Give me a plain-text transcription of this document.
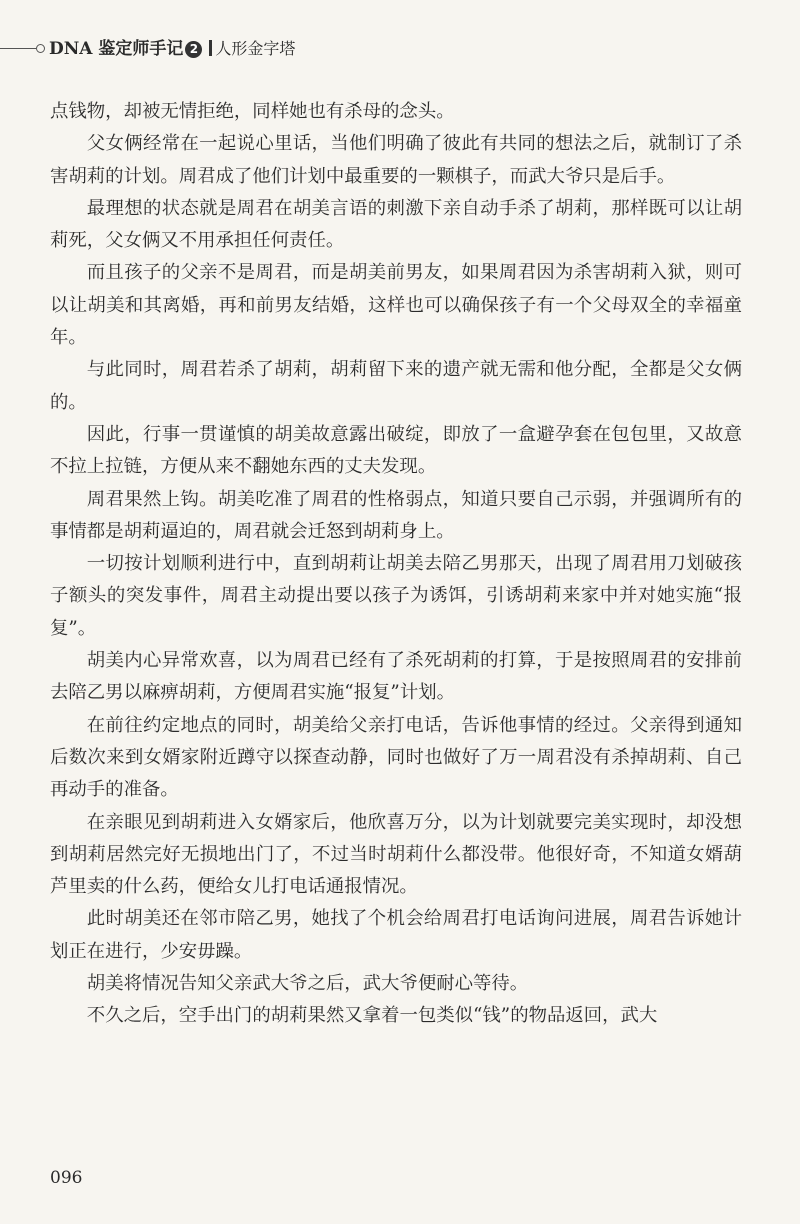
DNA 鉴定师手记 2 人形金字塔

点钱物，却被无情拒绝，同样她也有杀母的念头。

父女俩经常在一起说心里话，当他们明确了彼此有共同的想法之后，就制订了杀害胡莉的计划。周君成了他们计划中最重要的一颗棋子，而武大爷只是后手。

最理想的状态就是周君在胡美言语的刺激下亲自动手杀了胡莉，那样既可以让胡莉死，父女俩又不用承担任何责任。

而且孩子的父亲不是周君，而是胡美前男友，如果周君因为杀害胡莉入狱，则可以让胡美和其离婚，再和前男友结婚，这样也可以确保孩子有一个父母双全的幸福童年。

与此同时，周君若杀了胡莉，胡莉留下来的遗产就无需和他分配，全都是父女俩的。

因此，行事一贯谨慎的胡美故意露出破绽，即放了一盒避孕套在包包里，又故意不拉上拉链，方便从来不翻她东西的丈夫发现。

周君果然上钩。胡美吃准了周君的性格弱点，知道只要自己示弱，并强调所有的事情都是胡莉逼迫的，周君就会迁怒到胡莉身上。

一切按计划顺利进行中，直到胡莉让胡美去陪乙男那天，出现了周君用刀划破孩子额头的突发事件，周君主动提出要以孩子为诱饵，引诱胡莉来家中并对她实施“报复”。

胡美内心异常欢喜，以为周君已经有了杀死胡莉的打算，于是按照周君的安排前去陪乙男以麻痹胡莉，方便周君实施“报复”计划。

在前往约定地点的同时，胡美给父亲打电话，告诉他事情的经过。父亲得到通知后数次来到女婿家附近蹲守以探查动静，同时也做好了万一周君没有杀掉胡莉、自己再动手的准备。

在亲眼见到胡莉进入女婿家后，他欣喜万分，以为计划就要完美实现时，却没想到胡莉居然完好无损地出门了，不过当时胡莉什么都没带。他很好奇，不知道女婿葫芦里卖的什么药，便给女儿打电话通报情况。

此时胡美还在邻市陪乙男，她找了个机会给周君打电话询问进展，周君告诉她计划正在进行，少安毋躁。

胡美将情况告知父亲武大爷之后，武大爷便耐心等待。

不久之后，空手出门的胡莉果然又拿着一包类似“钱”的物品返回，武大

096
